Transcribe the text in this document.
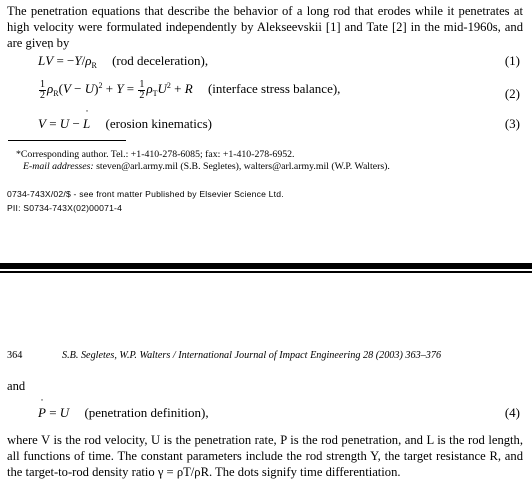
The penetration equations that describe the behavior of a long rod that erodes while it penetrates at high velocity were formulated independently by Alekseevskii [1] and Tate [2] in the mid-1960s, and are given by
L˙ $V = -Y/\rho_R$ (rod deceleration),	(1)
$\frac{1}{2} \rho_R(V - U)^2 + Y = \frac{1}{2} \rho_TU^2 + R$ (interface stress balance),	(2)
V = U − ˙ L (erosion kinematics)	(3)
*Corresponding author. Tel.: +1-410-278-6085; fax: +1-410-278-6952.
E-mail addresses: steven@arl.army.mil (S.B. Segletes), walters@arl.army.mil (W.P. Walters).
0734-743X/02/$ - see front matter Published by Elsevier Science Ltd.
PII: S0734-743X(02)00071-4
364	S.B. Segletes, W.P. Walters / International Journal of Impact Engineering 28 (2003) 363–376
and
˙ P = U (penetration definition),	(4)
where V is the rod velocity, U is the penetration rate, P is the rod penetration, and L is the rod length, all functions of time. The constant parameters include the rod strength Y, the target resistance R, and the target-to-rod density ratio γ = ρT/ρR. The dots signify time differentiation.
